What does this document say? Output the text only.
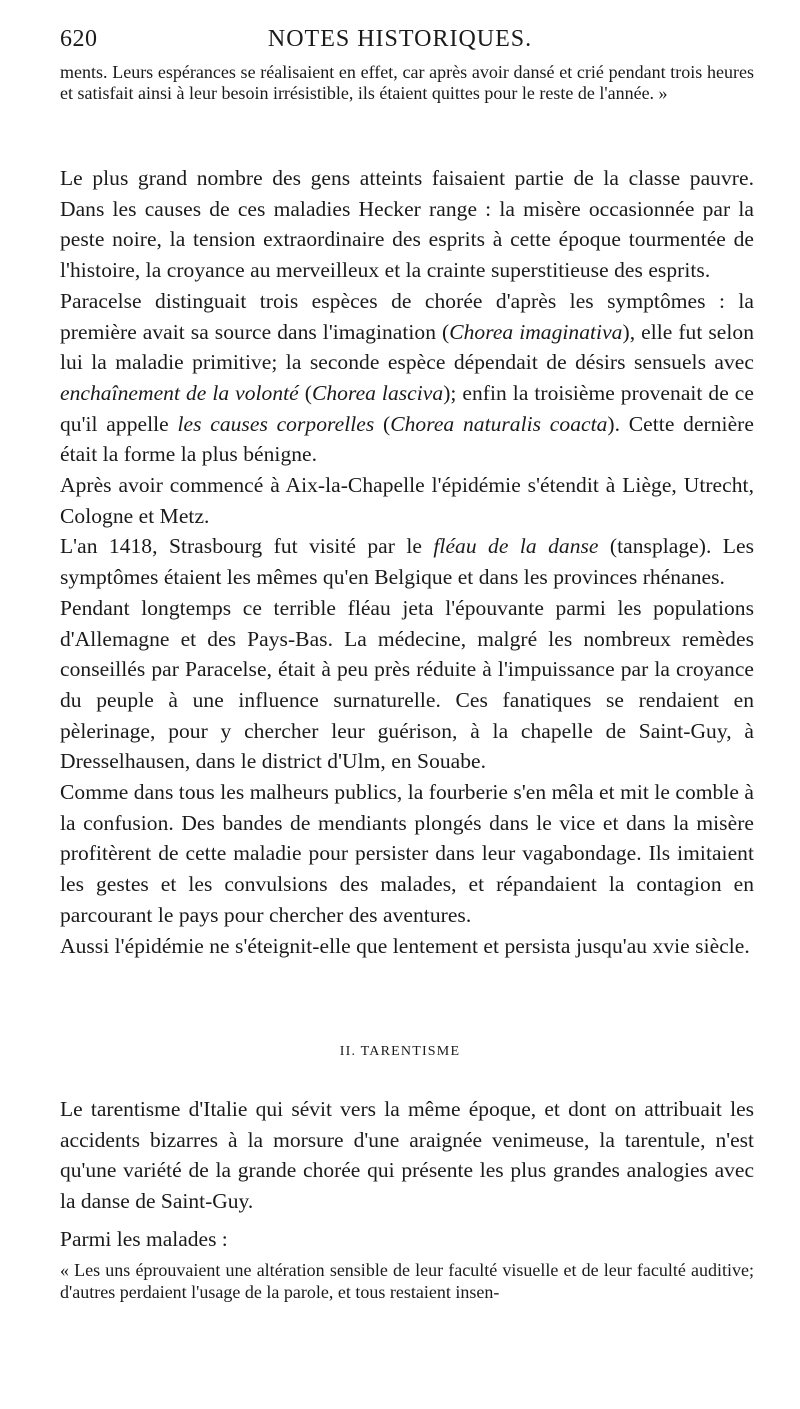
620	NOTES HISTORIQUES.

ments. Leurs espérances se réalisaient en effet, car après avoir dansé et crié pendant trois heures et satisfait ainsi à leur besoin irrésistible, ils étaient quittes pour le reste de l'année. »

Le plus grand nombre des gens atteints faisaient partie de la classe pauvre. Dans les causes de ces maladies Hecker range : la misère occasionnée par la peste noire, la tension extraordinaire des esprits à cette époque tourmentée de l'histoire, la croyance au merveilleux et la crainte superstitieuse des esprits.

Paracelse distinguait trois espèces de chorée d'après les symptômes : la première avait sa source dans l'imagination (Chorea imaginativa), elle fut selon lui la maladie primitive; la seconde espèce dépendait de désirs sensuels avec enchaînement de la volonté (Chorea lasciva); enfin la troisième provenait de ce qu'il appelle les causes corporelles (Chorea naturalis coacta). Cette dernière était la forme la plus bénigne.

Après avoir commencé à Aix-la-Chapelle l'épidémie s'étendit à Liège, Utrecht, Cologne et Metz.

L'an 1418, Strasbourg fut visité par le fléau de la danse (tansplage). Les symptômes étaient les mêmes qu'en Belgique et dans les provinces rhénanes.

Pendant longtemps ce terrible fléau jeta l'épouvante parmi les populations d'Allemagne et des Pays-Bas. La médecine, malgré les nombreux remèdes conseillés par Paracelse, était à peu près réduite à l'impuissance par la croyance du peuple à une influence surnaturelle. Ces fanatiques se rendaient en pèlerinage, pour y chercher leur guérison, à la chapelle de Saint-Guy, à Dresselhausen, dans le district d'Ulm, en Souabe.

Comme dans tous les malheurs publics, la fourberie s'en mêla et mit le comble à la confusion. Des bandes de mendiants plongés dans le vice et dans la misère profitèrent de cette maladie pour persister dans leur vagabondage. Ils imitaient les gestes et les convulsions des malades, et répandaient la contagion en parcourant le pays pour chercher des aventures.

Aussi l'épidémie ne s'éteignit-elle que lentement et persista jusqu'au xvie siècle.

II. TARENTISME

Le tarentisme d'Italie qui sévit vers la même époque, et dont on attribuait les accidents bizarres à la morsure d'une araignée venimeuse, la tarentule, n'est qu'une variété de la grande chorée qui présente les plus grandes analogies avec la danse de Saint-Guy.

Parmi les malades :

« Les uns éprouvaient une altération sensible de leur faculté visuelle et de leur faculté auditive; d'autres perdaient l'usage de la parole, et tous restaient insen-
